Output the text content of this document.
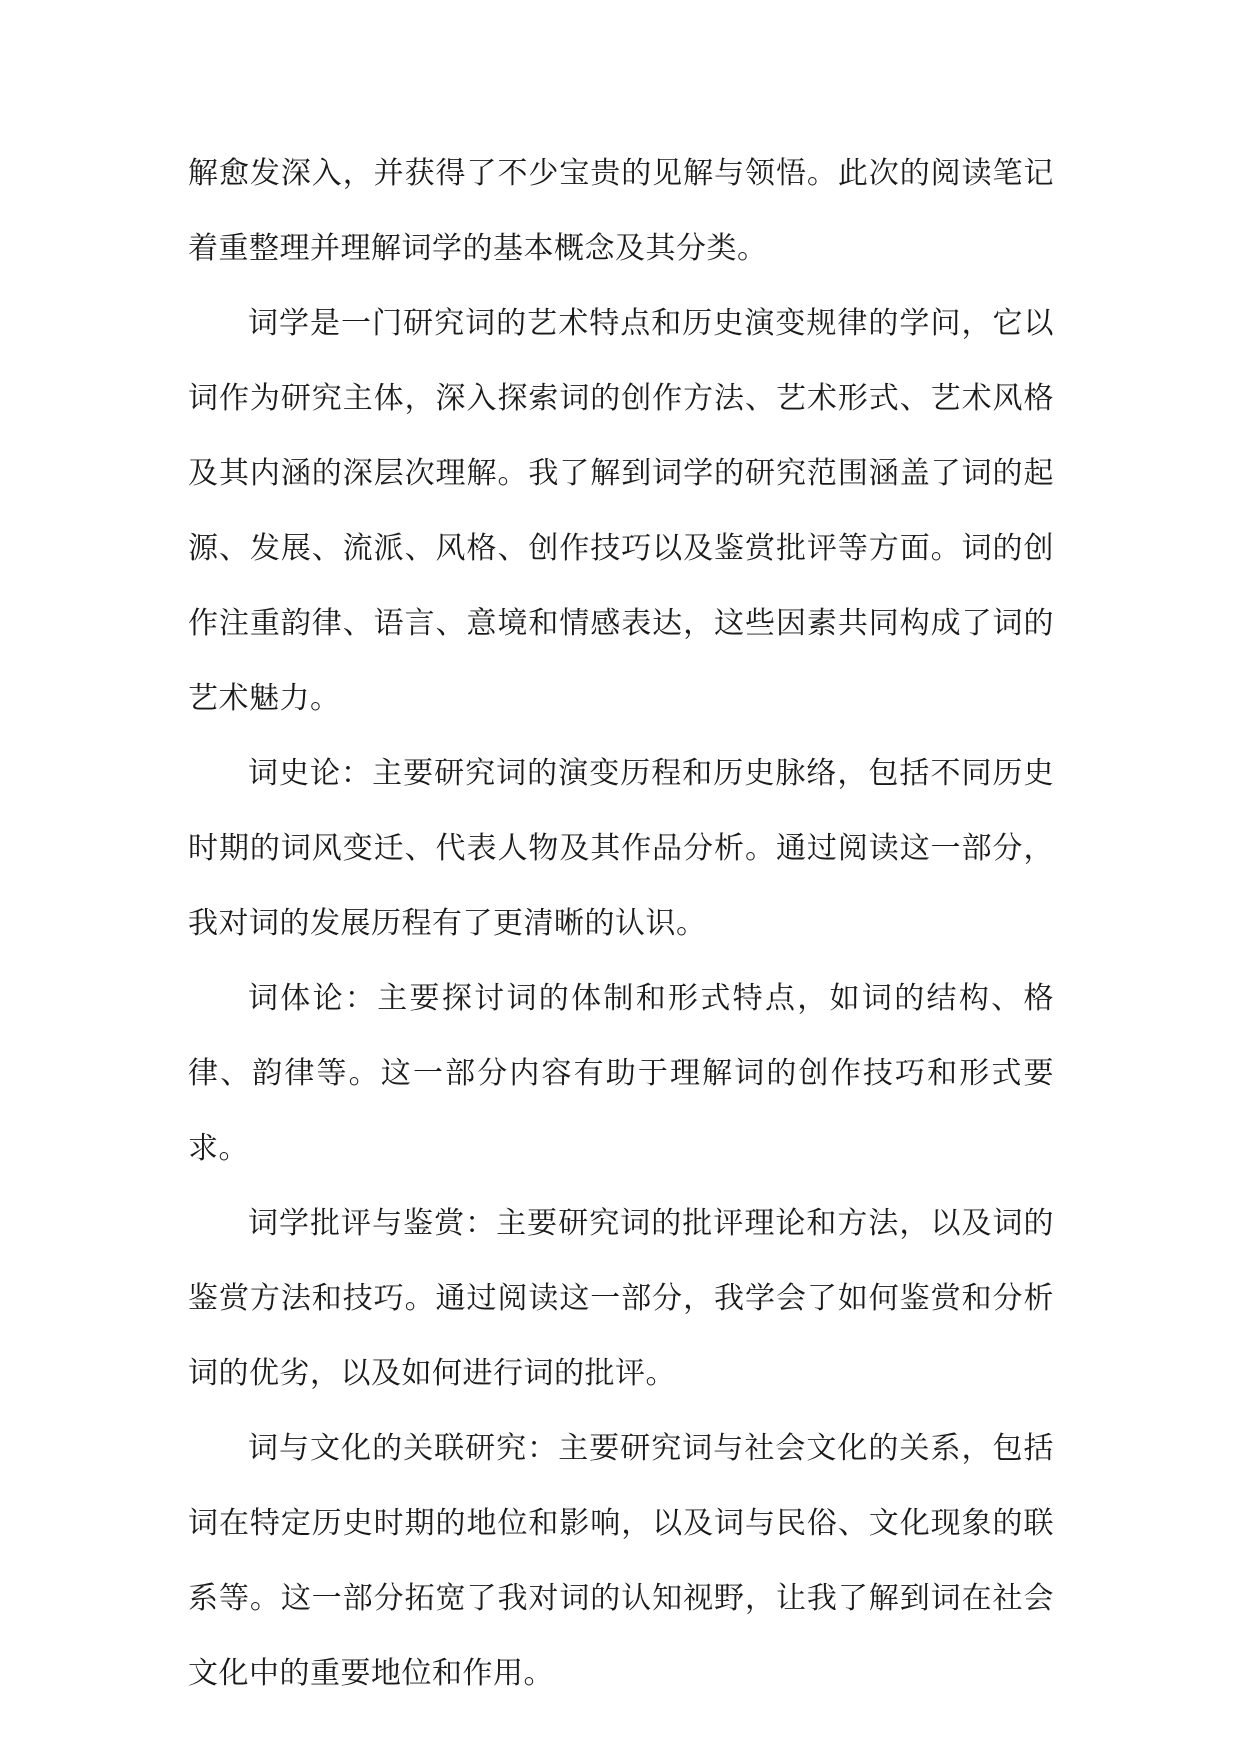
解愈发深入，并获得了不少宝贵的见解与领悟。此次的阅读笔记着重整理并理解词学的基本概念及其分类。

词学是一门研究词的艺术特点和历史演变规律的学问，它以词作为研究主体，深入探索词的创作方法、艺术形式、艺术风格及其内涵的深层次理解。我了解到词学的研究范围涵盖了词的起源、发展、流派、风格、创作技巧以及鉴赏批评等方面。词的创作注重韵律、语言、意境和情感表达，这些因素共同构成了词的艺术魅力。

词史论：主要研究词的演变历程和历史脉络，包括不同历史时期的词风变迁、代表人物及其作品分析。通过阅读这一部分，我对词的发展历程有了更清晰的认识。

词体论：主要探讨词的体制和形式特点，如词的结构、格律、韵律等。这一部分内容有助于理解词的创作技巧和形式要求。

词学批评与鉴赏：主要研究词的批评理论和方法，以及词的鉴赏方法和技巧。通过阅读这一部分，我学会了如何鉴赏和分析词的优劣，以及如何进行词的批评。

词与文化的关联研究：主要研究词与社会文化的关系，包括词在特定历史时期的地位和影响，以及词与民俗、文化现象的联系等。这一部分拓宽了我对词的认知视野，让我了解到词在社会文化中的重要地位和作用。
